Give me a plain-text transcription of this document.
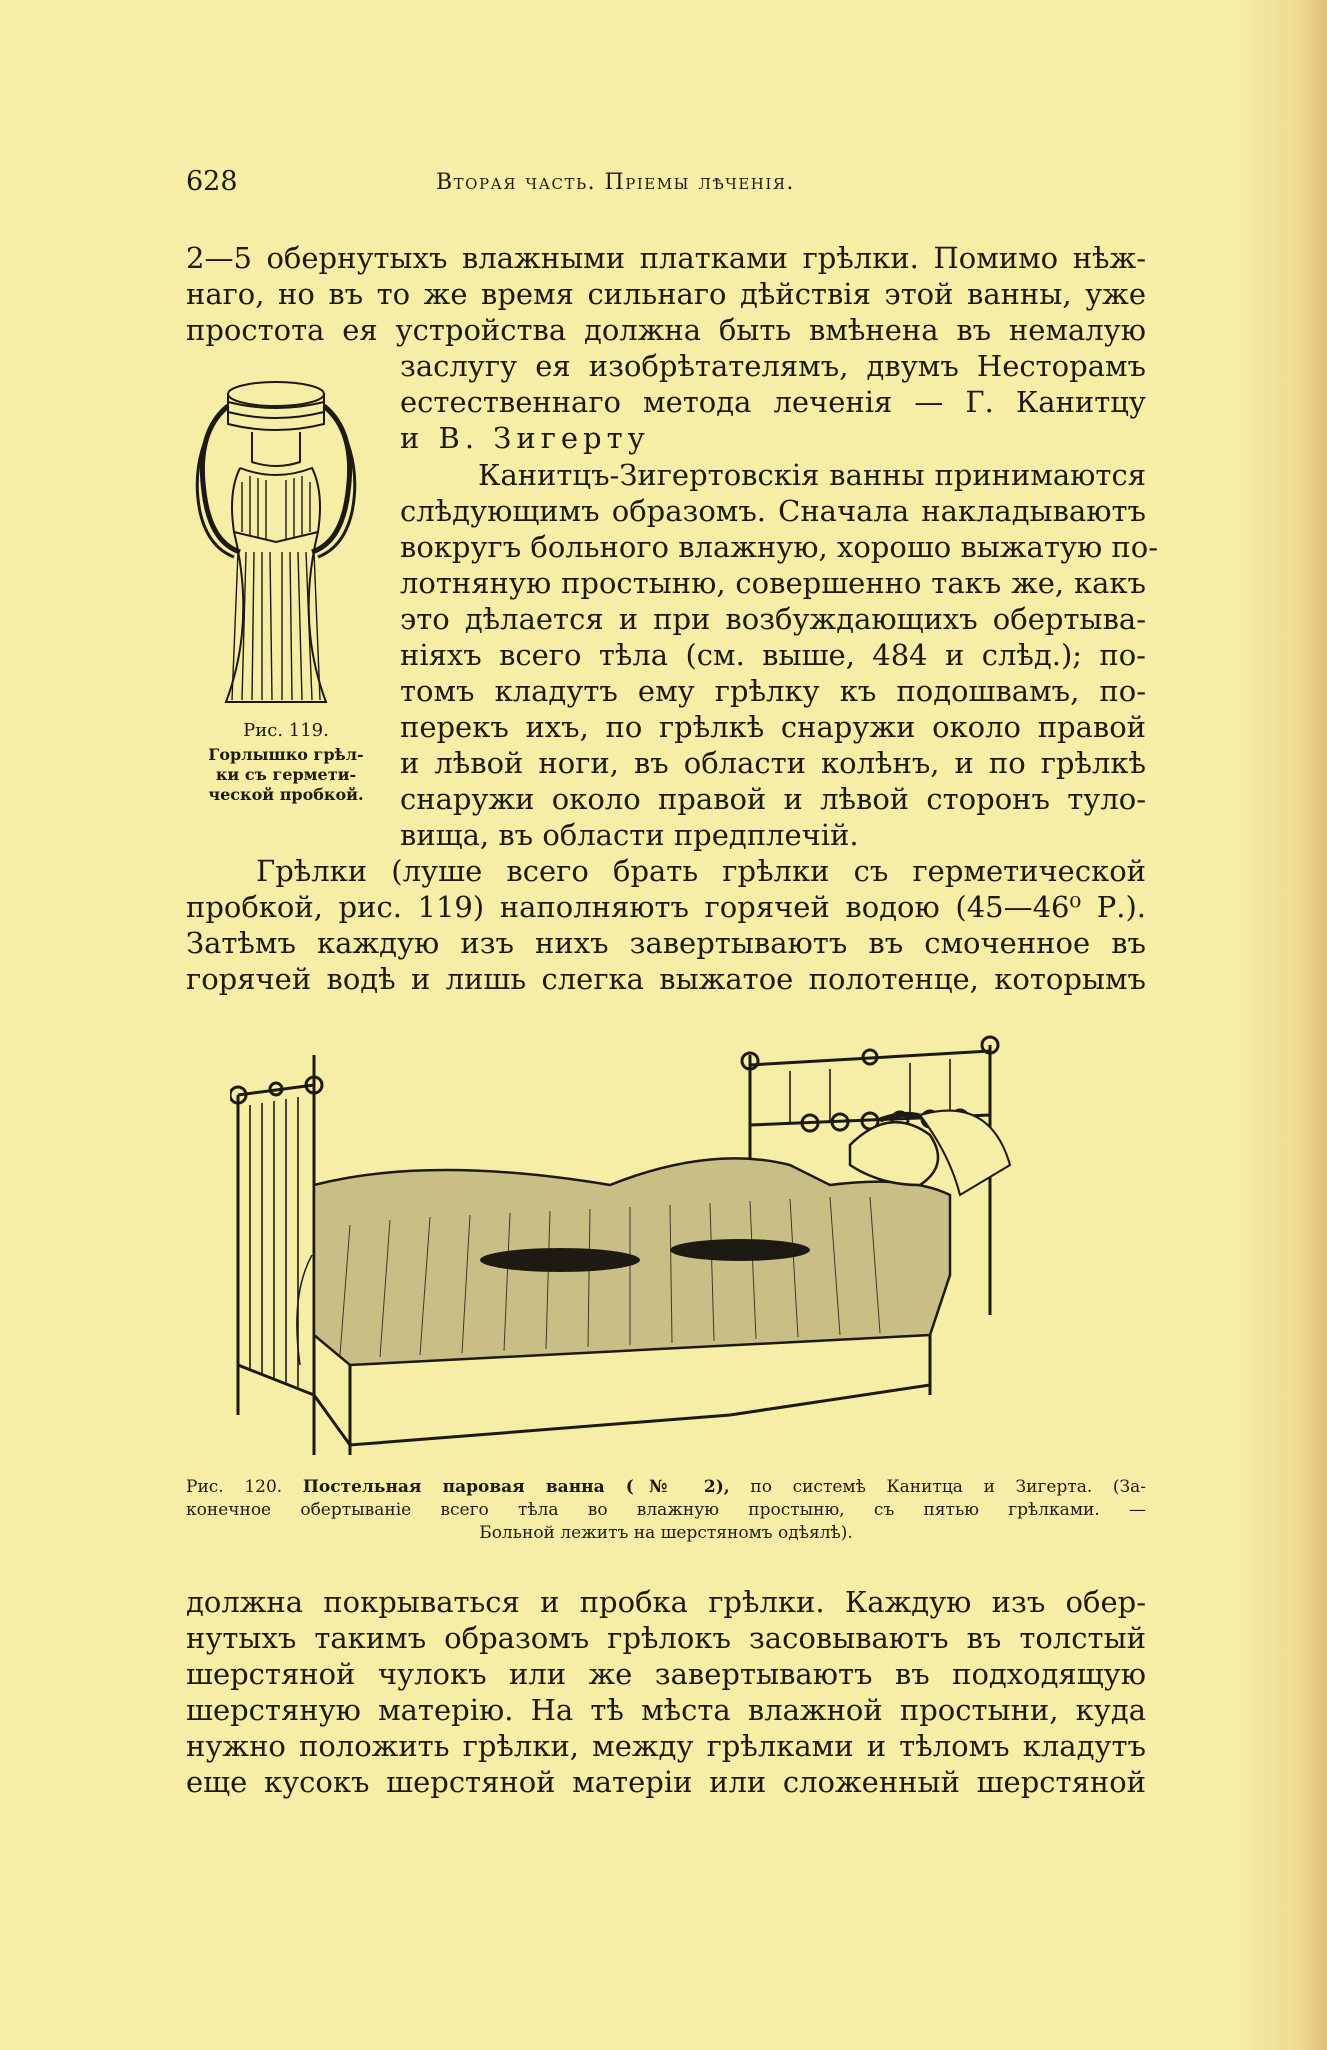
628	Вторая часть. Пріемы лѣченія.
2—5 обернутыхъ влажными платками грѣлки. Помимо нѣж-
наго, но въ то же время сильнаго дѣйствія этой ванны, уже
простота ея устройства должна быть вмѣнена въ немалую
заслугу ея изобрѣтателямъ, двумъ Несторамъ
естественнаго метода леченія — Г. Канитцу
и В. Зигерту
Канитцъ-Зигертовскія ванны принимаются
слѣдующимъ образомъ. Сначала накладываютъ
вокругъ больного влажную, хорошо выжатую по-
лотняную простыню, совершенно такъ же, какъ
это дѣлается и при возбуждающихъ обертыва-
ніяхъ всего тѣла (см. выше, 484 и слѣд.); по-
томъ кладутъ ему грѣлку къ подошвамъ, по-
перекъ ихъ, по грѣлкѣ снаружи около правой
и лѣвой ноги, въ области колѣнъ, и по грѣлкѣ
снаружи около правой и лѣвой сторонъ туло-
вища, въ области предплечій.
Рис. 119.
Горлышко грѣл-
ки съ гермети-
ческой пробкой.
Грѣлки (луше всего брать грѣлки съ герметической
пробкой, рис. 119) наполняютъ горячей водою (45—46⁰ Р.).
Затѣмъ каждую изъ нихъ завертываютъ въ смоченное въ
горячей водѣ и лишь слегка выжатое полотенце, которымъ
Рис. 120. Постельная паровая ванна (№ 2), по системѣ Канитца и Зигерта. (За-
конечное обертываніе всего тѣла во влажную простыню, съ пятью грѣлками. —
Больной лежитъ на шерстяномъ одѣялѣ).
должна покрываться и пробка грѣлки. Каждую изъ обер-
нутыхъ такимъ образомъ грѣлокъ засовываютъ въ толстый
шерстяной чулокъ или же завертываютъ въ подходящую
шерстяную матерію. На тѣ мѣста влажной простыни, куда
нужно положить грѣлки, между грѣлками и тѣломъ кладутъ
еще кусокъ шерстяной матеріи или сложенный шерстяной
